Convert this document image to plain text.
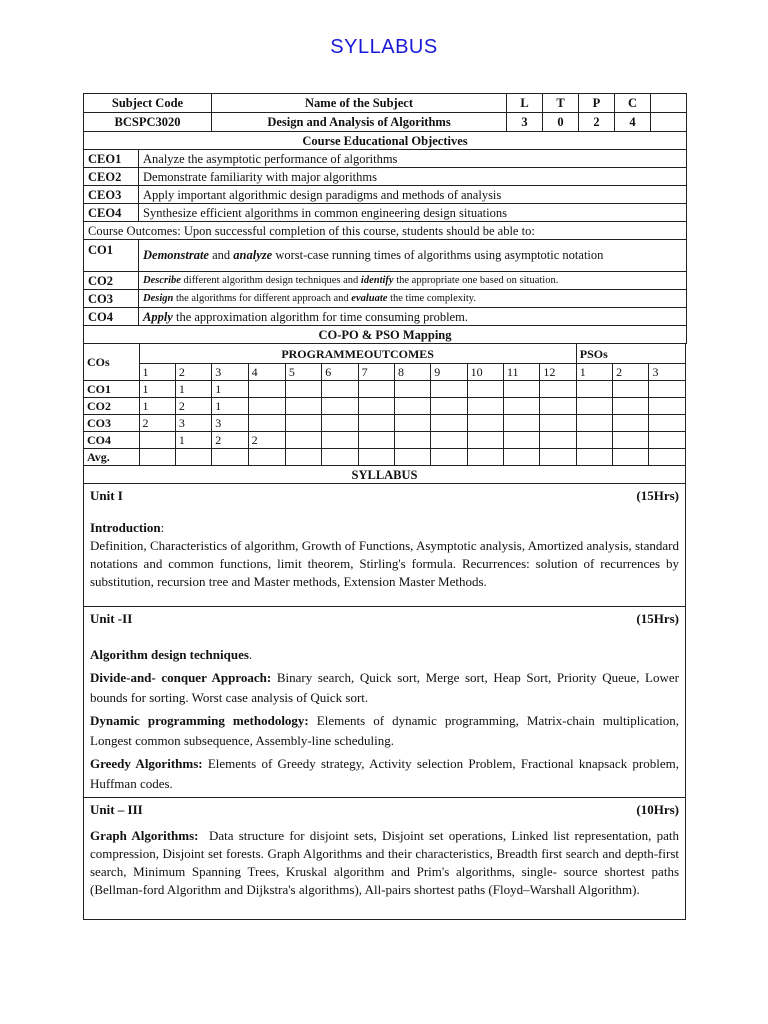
SYLLABUS
Subject Code		Name of the Subject	L	T	P	C	
BCSPC3020		Design and Analysis of Algorithms	3	0	2	4	
Course Educational Objectives							
CEO1	Analyze the asymptotic performance of algorithms						
CEO2	Demonstrate familiarity with major algorithms						
CEO3	Apply important algorithmic design paradigms and methods of analysis						
CEO4	Synthesize efficient algorithms in common engineering design situations						
Course Outcomes: Upon successful completion of this course, students should be able to:							
CO1	Demonstrate and analyze worst-case running times of algorithms using asymptotic notation						
CO2	Describe different algorithm design techniques and identify the appropriate one based on situation.						
CO3	Design the algorithms for different approach and evaluate the time complexity.						
CO4	Apply the approximation algorithm for time consuming problem.						
CO-PO & PSO Mapping							
COs	PROGRAMMEOUTCOMES												PSOs		
	1	2	3	4	5	6	7	8	9	10	11	12	1	2	3
CO1	1	1	1												
CO2	1	2	1												
CO3	2	3	3												
CO4		1	2	2											
Avg.															
SYLLABUS

Unit I	(15Hrs)

Introduction:

Definition, Characteristics of algorithm, Growth of Functions, Asymptotic analysis, Amortized analysis, standard notations and common functions, limit theorem, Stirling's formula. Recurrences: solution of recurrences by substitution, recursion tree and Master methods, Extension Master Methods.

Unit -II	(15Hrs)

Algorithm design techniques.

Divide-and- conquer Approach: Binary search, Quick sort, Merge sort, Heap Sort, Priority Queue, Lower bounds for sorting. Worst case analysis of Quick sort.

Dynamic programming methodology: Elements of dynamic programming, Matrix-chain multiplication, Longest common subsequence, Assembly-line scheduling.

Greedy Algorithms: Elements of Greedy strategy, Activity selection Problem, Fractional knapsack problem, Huffman codes.

Unit – III	(10Hrs)

Graph Algorithms:  Data structure for disjoint sets, Disjoint set operations, Linked list representation, path compression, Disjoint set forests. Graph Algorithms and their characteristics, Breadth first search and depth-first search, Minimum Spanning Trees, Kruskal algorithm and Prim's algorithms, single- source shortest paths (Bellman-ford Algorithm and Dijkstra's algorithms), All-pairs shortest paths (Floyd–Warshall Algorithm).
